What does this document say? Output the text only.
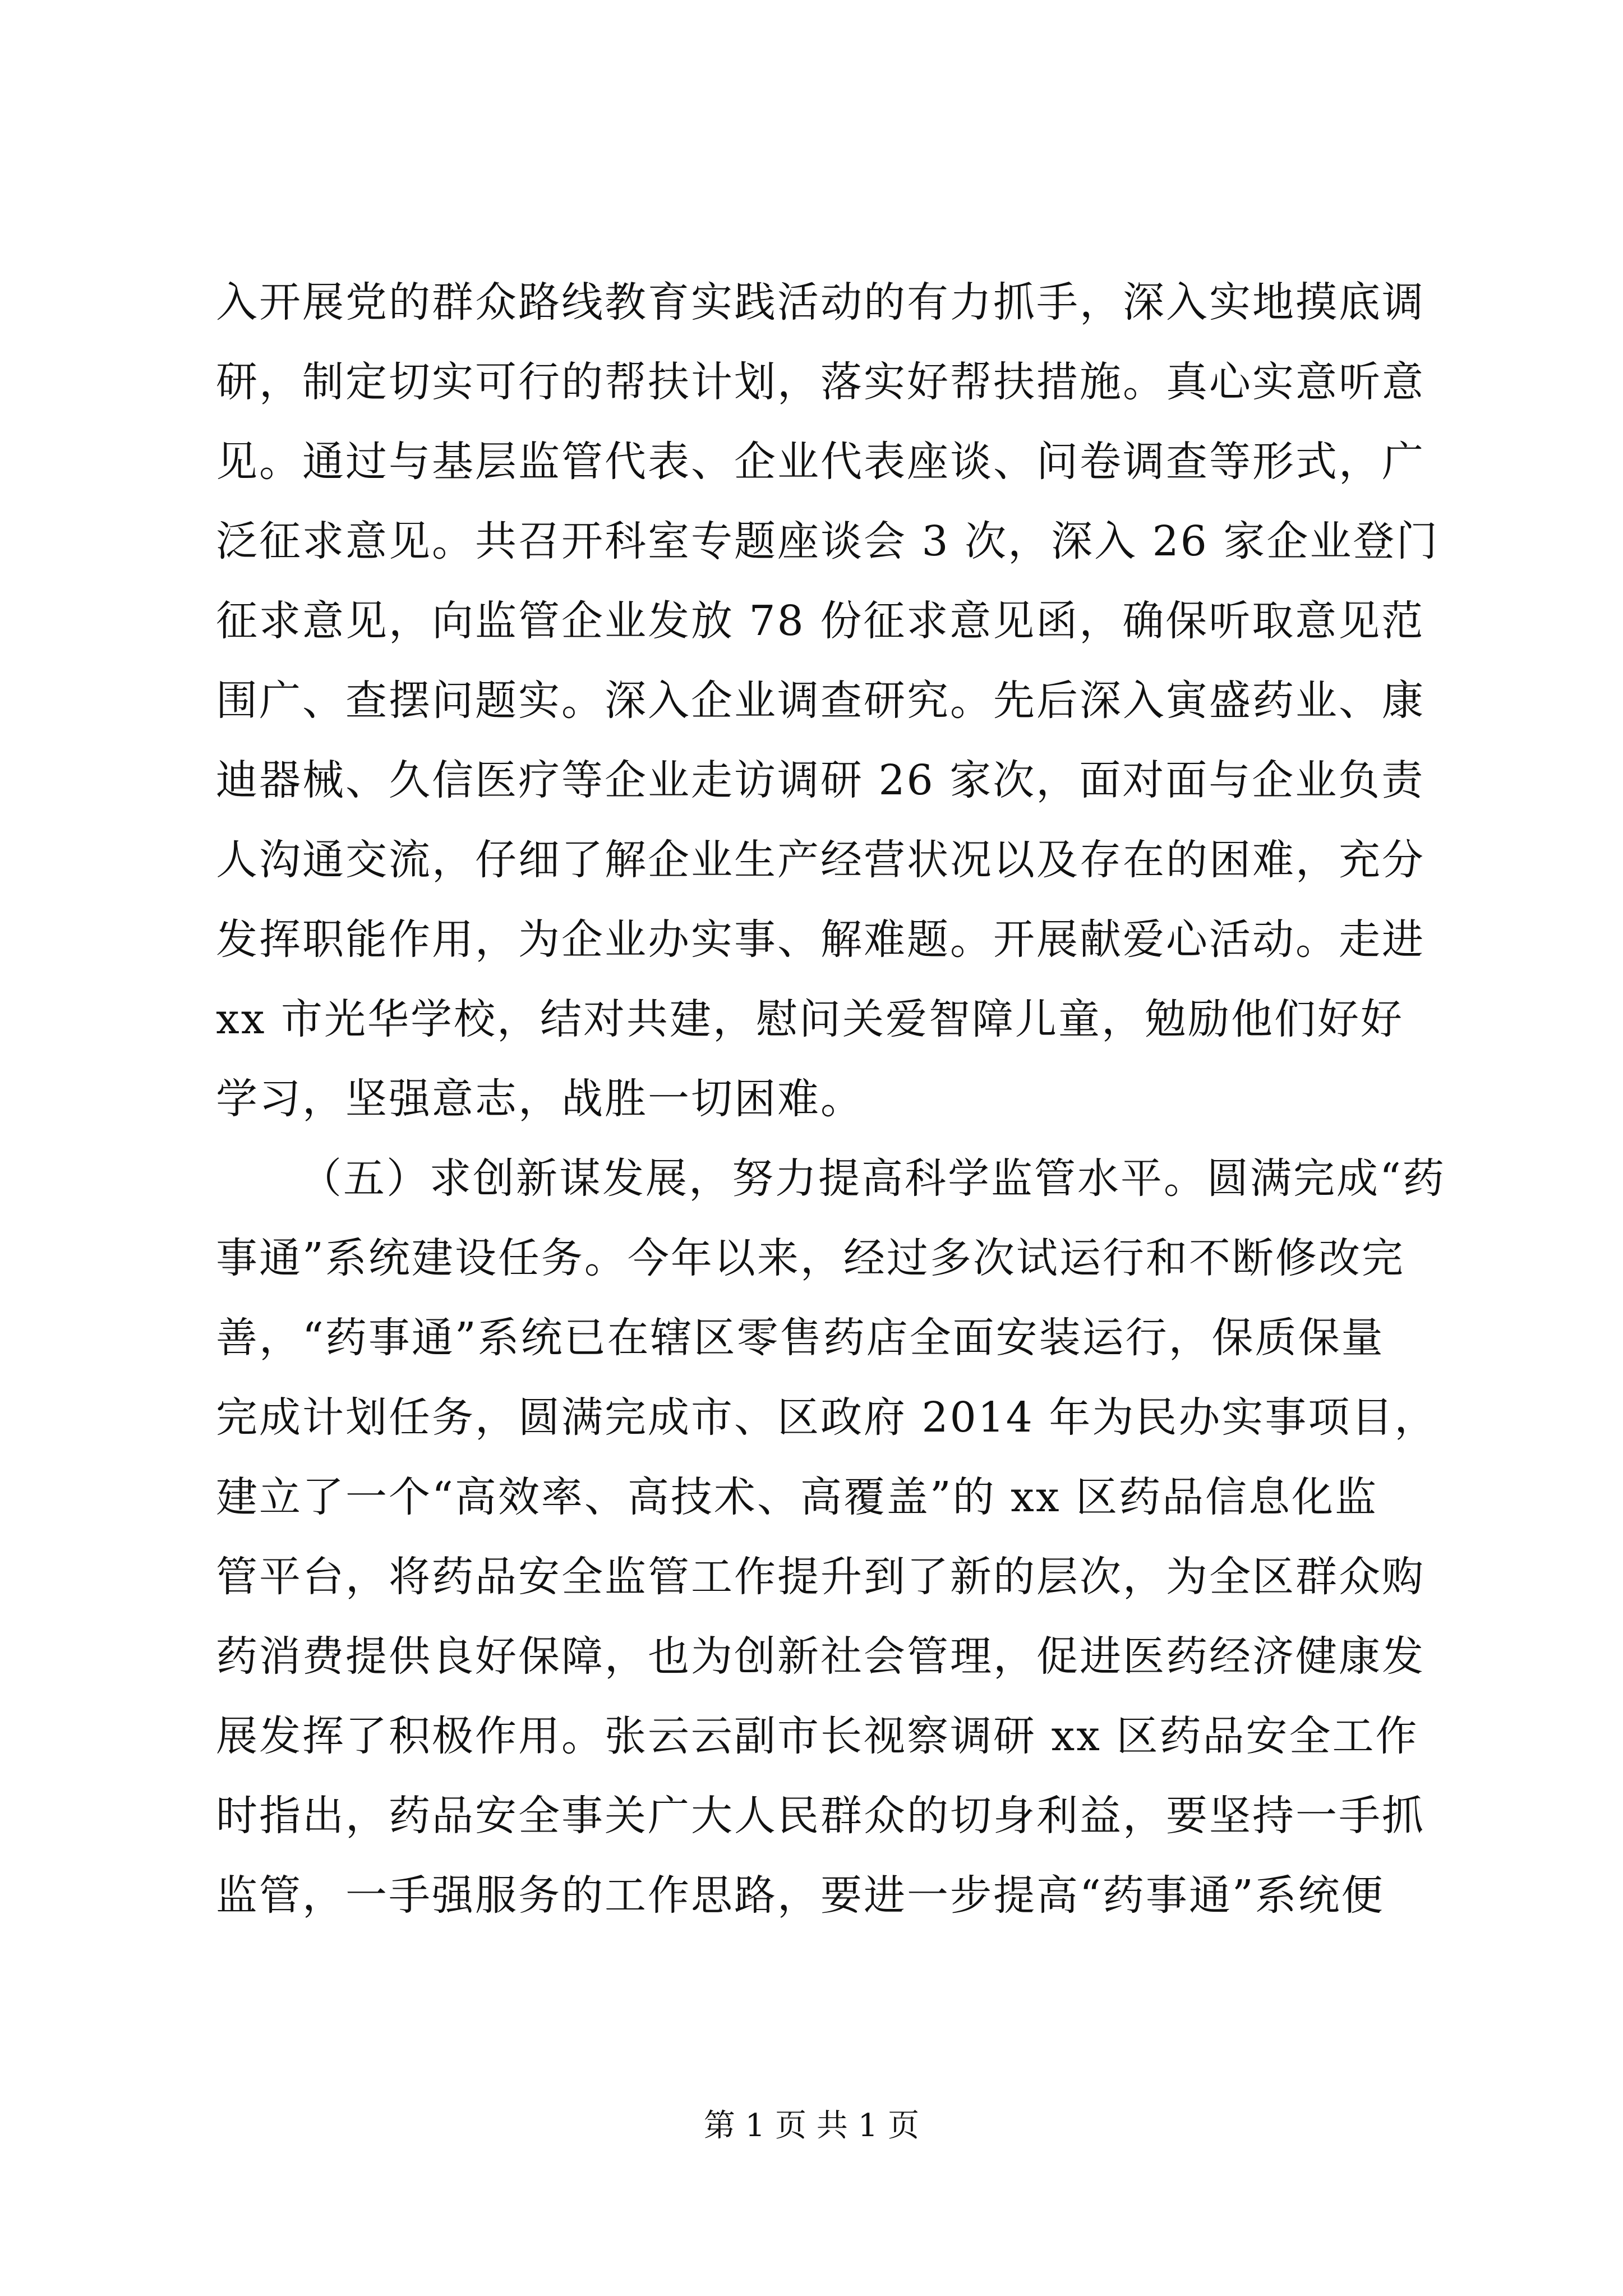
入开展党的群众路线教育实践活动的有力抓手，深入实地摸底调
研，制定切实可行的帮扶计划，落实好帮扶措施。真心实意听意
见。通过与基层监管代表、企业代表座谈、问卷调查等形式，广
泛征求意见。共召开科室专题座谈会 3 次，深入 26 家企业登门
征求意见，向监管企业发放 78 份征求意见函，确保听取意见范
围广、查摆问题实。深入企业调查研究。先后深入寅盛药业、康
迪器械、久信医疗等企业走访调研 26 家次，面对面与企业负责
人沟通交流，仔细了解企业生产经营状况以及存在的困难，充分
发挥职能作用，为企业办实事、解难题。开展献爱心活动。走进
xx 市光华学校，结对共建，慰问关爱智障儿童，勉励他们好好
学习，坚强意志，战胜一切困难。
（五）求创新谋发展，努力提高科学监管水平。圆满完成“药
事通”系统建设任务。今年以来，经过多次试运行和不断修改完
善，“药事通”系统已在辖区零售药店全面安装运行，保质保量
完成计划任务，圆满完成市、区政府 2014 年为民办实事项目，
建立了一个“高效率、高技术、高覆盖”的 xx 区药品信息化监
管平台，将药品安全监管工作提升到了新的层次，为全区群众购
药消费提供良好保障，也为创新社会管理，促进医药经济健康发
展发挥了积极作用。张云云副市长视察调研 xx 区药品安全工作
时指出，药品安全事关广大人民群众的切身利益，要坚持一手抓
监管，一手强服务的工作思路，要进一步提高“药事通”系统便
第 1 页 共 1 页
